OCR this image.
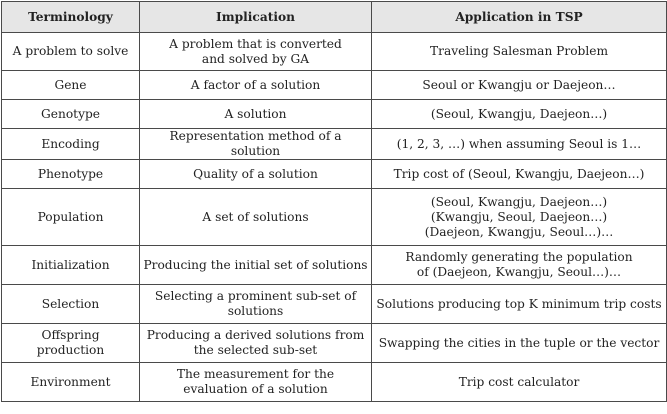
Terminology	Implication	Application in TSP
A problem to solve	A problem that is converted and solved by GA	Traveling Salesman Problem
Gene	A factor of a solution	Seoul or Kwangju or Daejeon…
Genotype	A solution	(Seoul, Kwangju, Daejeon…)
Encoding	Representation method of a solution	(1, 2, 3, …) when assuming Seoul is 1…
Phenotype	Quality of a solution	Trip cost of (Seoul, Kwangju, Daejeon…)
Population	A set of solutions	(Seoul, Kwangju, Daejeon…)
(Kwangju, Seoul, Daejeon…)
(Daejeon, Kwangju, Seoul…)…

Initialization	Producing the initial set of solutions	Randomly generating the population of (Daejeon, Kwangju, Seoul…)…
Selection	Selecting a prominent sub-set of solutions	Solutions producing top K minimum trip costs
Offspring production	Producing a derived solutions from the selected sub-set	Swapping the cities in the tuple or the vector
Environment	The measurement for the evaluation of a solution	Trip cost calculator
